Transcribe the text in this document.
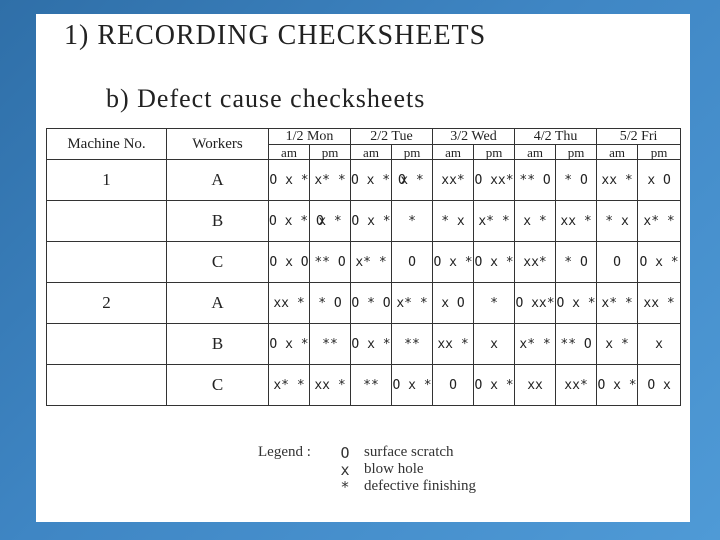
1) RECORDING CHECKSHEETS
b) Defect cause checksheets
Machine No.	Workers	1/2 Mon		2/2 Tue		3/2 Wed		4/2 Thu		5/2 Fri	
		am	pm	am	pm	am	pm	am	pm	am	pm
1	A	O x *	x* *	O x * O	x *	xx*	O xx*	** O	* O	xx *	x O
	B	O x * O	x *	O x *	*	* x	x* *	x *	xx *	* x	x* *
	C	O x O	** O	x* *	O	O x *	O x *	xx*	* O	O	O x *
2	A	xx *	* O	O * O	x* *	x O	*	O xx*	O x *	x* *	xx *
	B	O x *	**	O x *	**	xx *	x	x* *	** O	x *	x
	C	x* *	xx *	**	O x *	O	O x *	xx	xx*	O x *	O x
Legend :	O surface scratch
x blow hole
* defective finishing
